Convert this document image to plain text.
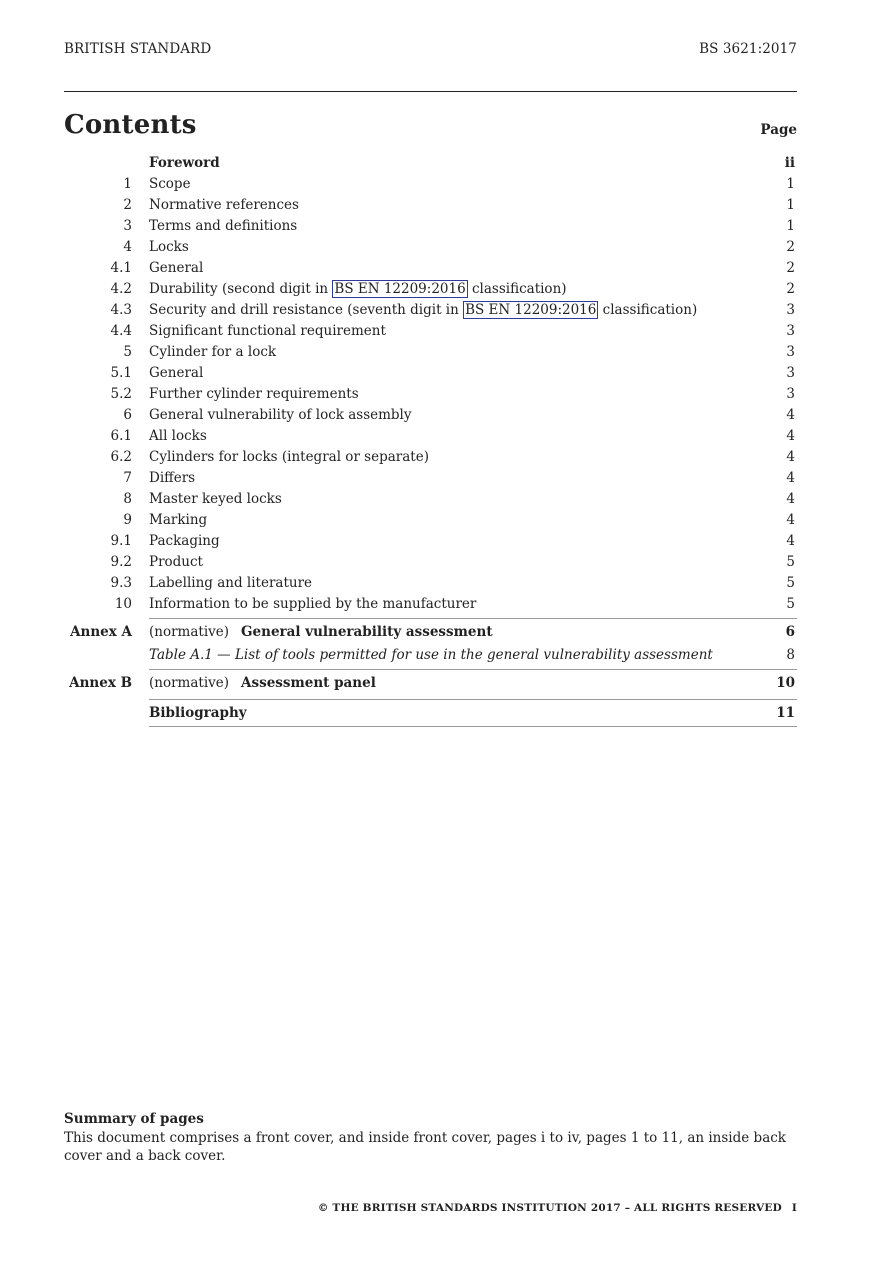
BRITISH STANDARD	BS 3621:2017
Contents	Page
Foreword	ii
1 Scope	1
2 Normative references	1
3 Terms and definitions	1
4 Locks	2
4.1 General	2
4.2 Durability (second digit in BS EN 12209:2016 classification)	2
4.3 Security and drill resistance (seventh digit in BS EN 12209:2016 classification)	3
4.4 Significant functional requirement	3
5 Cylinder for a lock	3
5.1 General	3
5.2 Further cylinder requirements	3
6 General vulnerability of lock assembly	4
6.1 All locks	4
6.2 Cylinders for locks (integral or separate)	4
7 Differs	4
8 Master keyed locks	4
9 Marking	4
9.1 Packaging	4
9.2 Product	5
9.3 Labelling and literature	5
10 Information to be supplied by the manufacturer	5
Annex A (normative) General vulnerability assessment	6
Table A.1 — List of tools permitted for use in the general vulnerability assessment	8
Annex B (normative) Assessment panel	10
Bibliography	11
Summary of pages
This document comprises a front cover, and inside front cover, pages i to iv, pages 1 to 11, an inside back cover and a back cover.
© THE BRITISH STANDARDS INSTITUTION 2017 – ALL RIGHTS RESERVED I
